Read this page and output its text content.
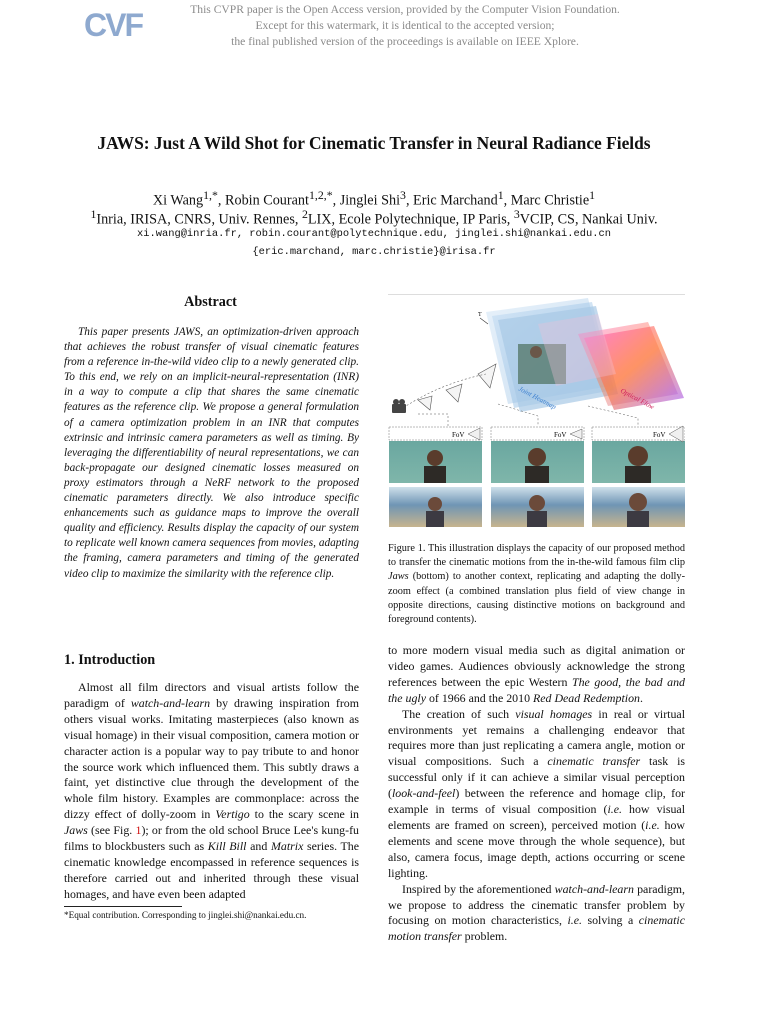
CVF	This CVPR paper is the Open Access version, provided by the Computer Vision Foundation.
Except for this watermark, it is identical to the accepted version;
the final published version of the proceedings is available on IEEE Xplore.
JAWS: Just A Wild Shot for Cinematic Transfer in Neural Radiance Fields
Xi Wang$^{1,*}$, Robin Courant$^{1,2,*}$, Jinglei Shi$^3$, Eric Marchand$^1$, Marc Christie$^1$
$^1$Inria, IRISA, CNRS, Univ. Rennes, $^2$LIX, Ecole Polytechnique, IP Paris, $^3$VCIP, CS, Nankai Univ.
xi.wang@inria.fr, robin.courant@polytechnique.edu, jinglei.shi@nankai.edu.cn
{eric.marchand, marc.christie}@irisa.fr
Abstract
This paper presents JAWS, an optimization-driven approach that achieves the robust transfer of visual cinematic features from a reference in-the-wild video clip to a newly generated clip. To this end, we rely on an implicit-neural-representation (INR) in a way to compute a clip that shares the same cinematic features as the reference clip. We propose a general formulation of a camera optimization problem in an INR that computes extrinsic and intrinsic camera parameters as well as timing. By leveraging the differentiability of neural representations, we can back-propagate our designed cinematic losses measured on proxy estimators through a NeRF network to the proposed cinematic parameters directly. We also introduce specific enhancements such as guidance maps to improve the overall quality and efficiency. Results display the capacity of our system to replicate well known camera sequences from movies, adapting the framing, camera parameters and timing of the generated video clip to maximize the similarity with the reference clip.
1. Introduction
Almost all film directors and visual artists follow the paradigm of watch-and-learn by drawing inspiration from others visual works. Imitating masterpieces (also known as visual homage) in their visual composition, camera motion or character action is a popular way to pay tribute to and honor the source work which influenced them. This subtly draws a faint, yet distinctive clue through the development of the whole film history. Examples are commonplace: across the dizzy effect of dolly-zoom in Vertigo to the scary scene in Jaws (see Fig. 1); or from the old school Bruce Lee's kung-fu films to blockbusters such as Kill Bill and Matrix series. The cinematic knowledge encompassed in reference sequences is therefore carried out and inherited through these visual homages, and have even been adapted
*Equal contribution. Corresponding to jinglei.shi@nankai.edu.cn.
T
Joint Heatmap	Optical Flow
FoV	FoV	FoV
Figure 1. This illustration displays the capacity of our proposed method to transfer the cinematic motions from the in-the-wild famous film clip Jaws (bottom) to another context, replicating and adapting the dolly-zoom effect (a combined translation plus field of view change in opposite directions, causing distinctive motions on background and foreground contents).

to more modern visual media such as digital animation or video games. Audiences obviously acknowledge the strong references between the epic Western The good, the bad and the ugly of 1966 and the 2010 Red Dead Redemption.

The creation of such visual homages in real or virtual environments yet remains a challenging endeavor that requires more than just replicating a camera angle, motion or visual compositions. Such a cinematic transfer task is successful only if it can achieve a similar visual perception (look-and-feel) between the reference and homage clip, for example in terms of visual composition (i.e. how visual elements are framed on screen), perceived motion (i.e. how elements and scene move through the whole sequence), but also, camera focus, image depth, actions occurring or scene lighting.

Inspired by the aforementioned watch-and-learn paradigm, we propose to address the cinematic transfer problem by focusing on motion characteristics, i.e. solving a cinematic motion transfer problem.
